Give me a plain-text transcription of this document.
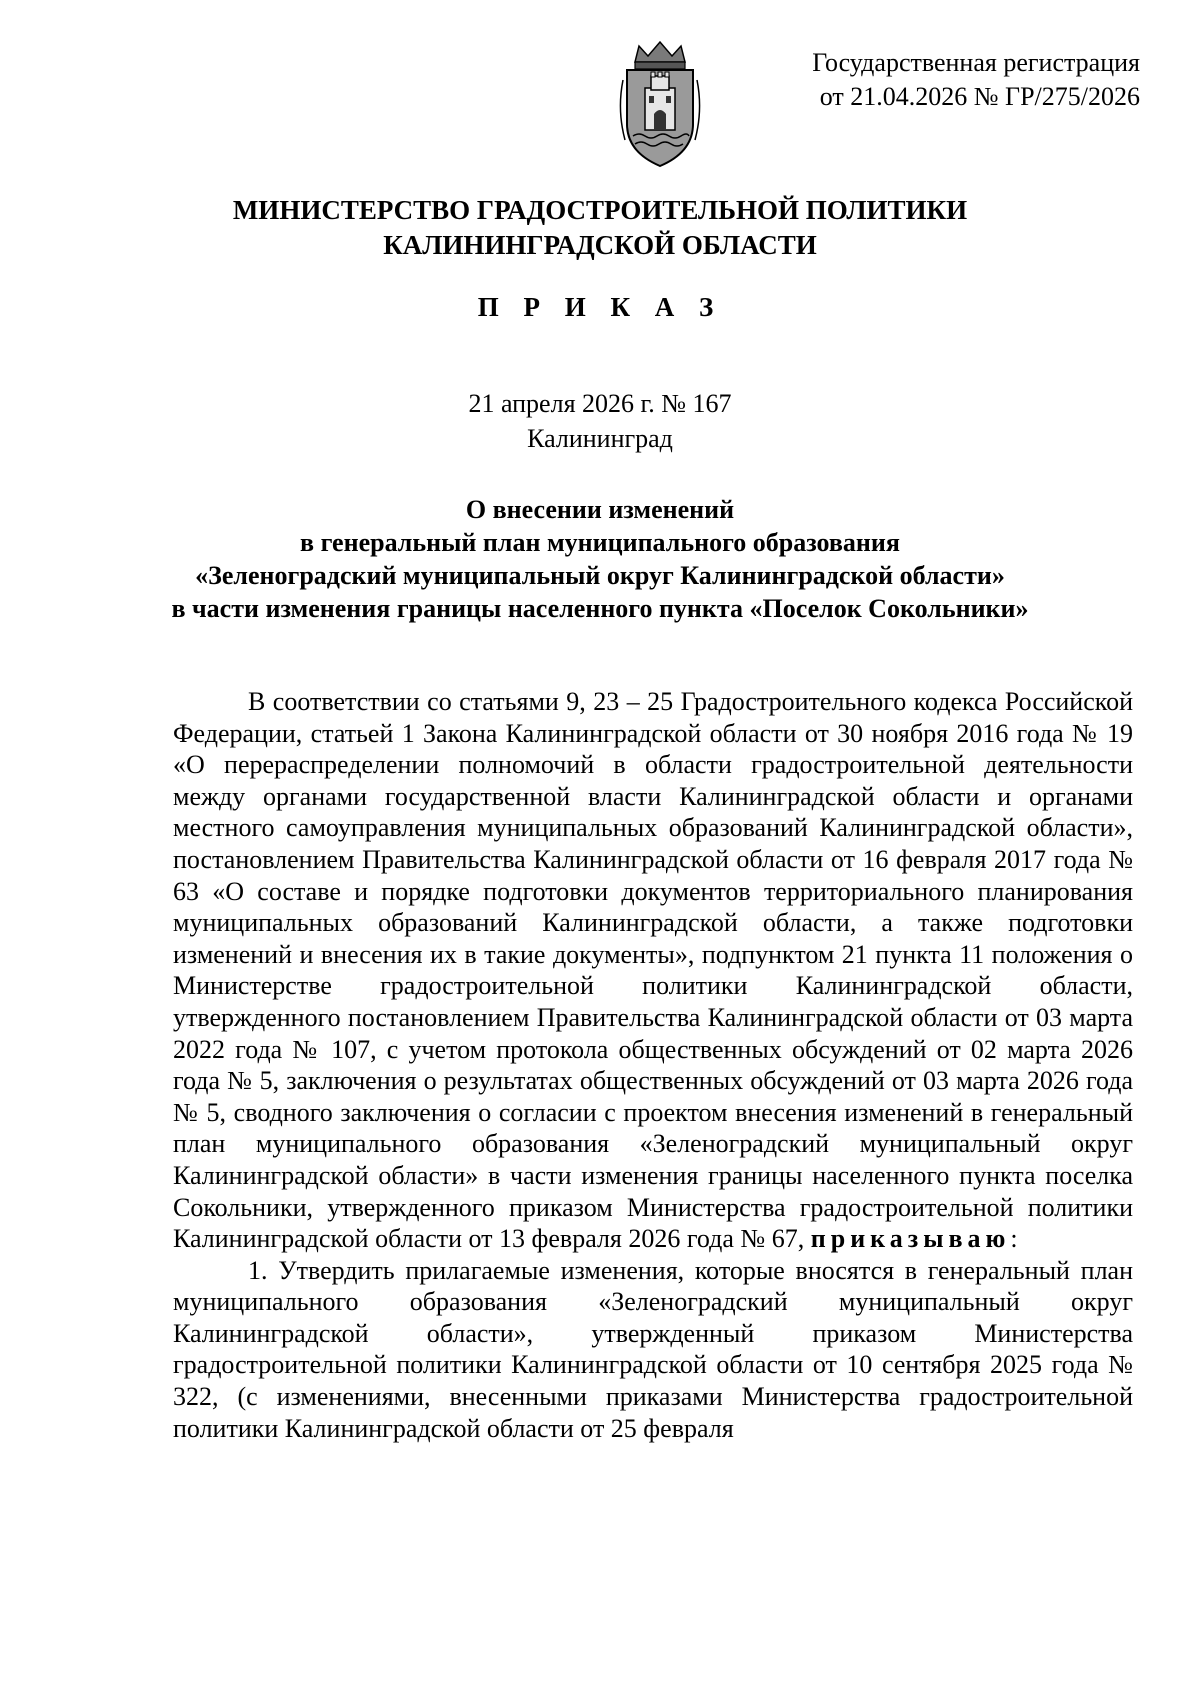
Государственная регистрация
от 21.04.2026 № ГР/275/2026
МИНИСТЕРСТВО ГРАДОСТРОИТЕЛЬНОЙ ПОЛИТИКИ
КАЛИНИНГРАДСКОЙ ОБЛАСТИ
П Р И К А З
21 апреля 2026 г. № 167
Калининград
О внесении изменений
в генеральный план муниципального образования
«Зеленоградский муниципальный округ Калининградской области»
в части изменения границы населенного пункта «Поселок Сокольники»

В соответствии со статьями 9, 23 – 25 Градостроительного кодекса Российской Федерации, статьей 1 Закона Калининградской области от 30 ноября 2016 года № 19 «О перераспределении полномочий в области градостроительной деятельности между органами государственной власти Калининградской области и органами местного самоуправления муниципальных образований Калининградской области», постановлением Правительства Калининградской области от 16 февраля 2017 года № 63 «О составе и порядке подготовки документов территориального планирования муниципальных образований Калининградской области, а также подготовки изменений и внесения их в такие документы», подпунктом 21 пункта 11 положения о Министерстве градостроительной политики Калининградской области, утвержденного постановлением Правительства Калининградской области от 03 марта 2022 года № 107, с учетом протокола общественных обсуждений от 02 марта 2026 года № 5, заключения о результатах общественных обсуждений от 03 марта 2026 года № 5, сводного заключения о согласии с проектом внесения изменений в генеральный план муниципального образования «Зеленоградский муниципальный округ Калининградской области» в части изменения границы населенного пункта поселка Сокольники, утвержденного приказом Министерства градостроительной политики Калининградской области от 13 февраля 2026 года № 67, приказываю:

1. Утвердить прилагаемые изменения, которые вносятся в генеральный план муниципального образования «Зеленоградский муниципальный округ Калининградской области», утвержденный приказом Министерства градостроительной политики Калининградской области от 10 сентября 2025 года № 322, (с изменениями, внесенными приказами Министерства градостроительной политики Калининградской области от 25 февраля
